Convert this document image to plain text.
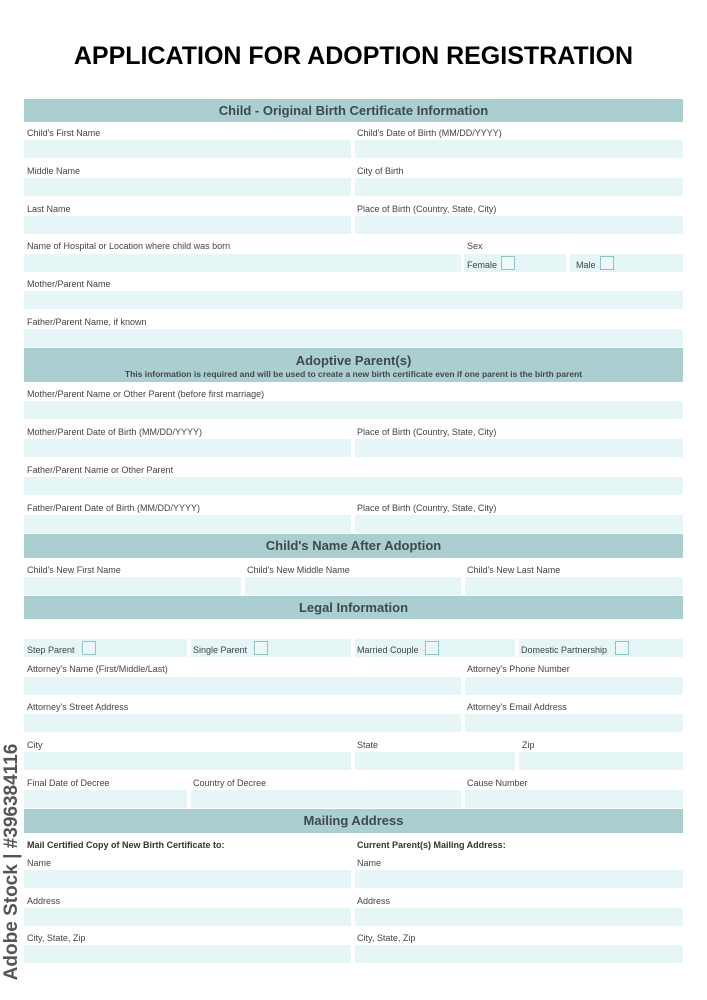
APPLICATION FOR ADOPTION REGISTRATION
Child - Original Birth Certificate Information
Child's First Name	Child's Date of Birth (MM/DD/YYYY)
Middle Name	City of Birth
Last Name	Place of Birth (Country, State, City)
Name of Hospital or Location where child was born	Sex
Female	Male
Mother/Parent Name
Father/Parent Name, if known
Adoptive Parent(s)
This information is required and will be used to create a new birth certificate even if one parent is the birth parent
Mother/Parent Name or Other Parent (before first marriage)
Mother/Parent Date of Birth (MM/DD/YYYY)	Place of Birth (Country, State, City)
Father/Parent Name or Other Parent
Father/Parent Date of Birth (MM/DD/YYYY)	Place of Birth (Country, State, City)
Child's Name After Adoption
Child's New First Name	Child's New Middle Name	Child's New Last Name
Legal Information
Step Parent	Single Parent	Married Couple	Domestic Partnership
Attorney's Name (First/Middle/Last)	Attorney's Phone Number
Attorney's Street Address	Attorney's Email Address
City	State	Zip
Final Date of Decree	Country of Decree	Cause Number
Mailing Address
Mail Certified Copy of New Birth Certificate to:	Current Parent(s) Mailing Address:
Name	Name
Address	Address
City, State, Zip	City, State, Zip
Adobe Stock | #396384116
